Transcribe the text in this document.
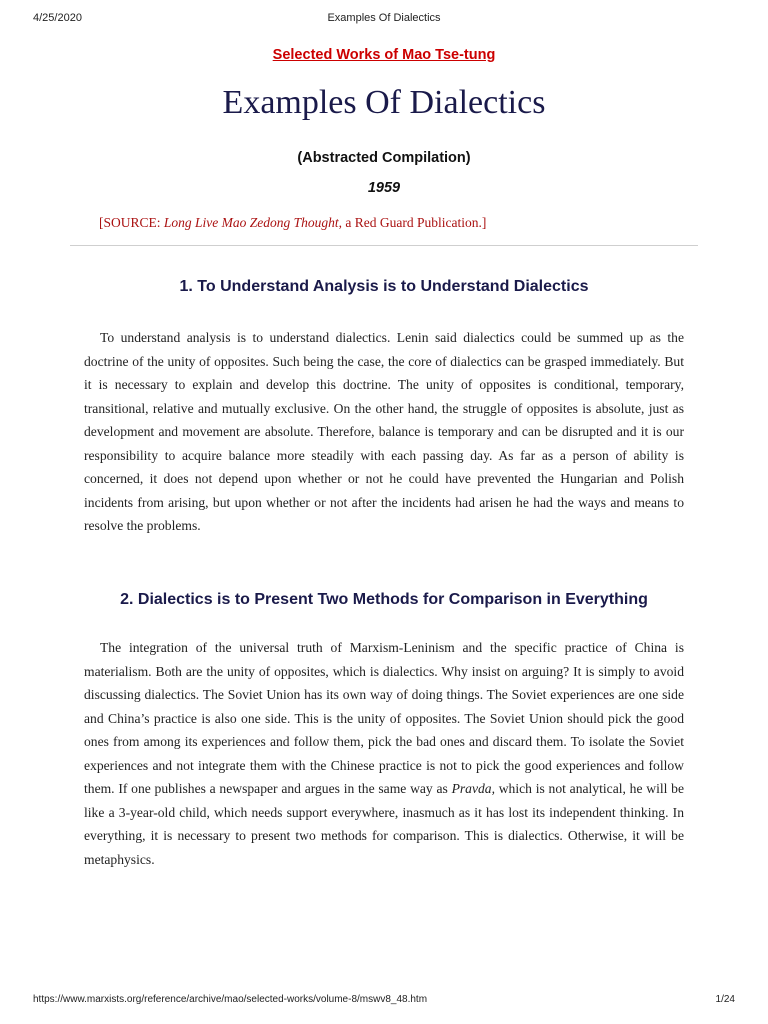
4/25/2020	Examples Of Dialectics
Selected Works of Mao Tse-tung
Examples Of Dialectics
(Abstracted Compilation)
1959
[SOURCE: Long Live Mao Zedong Thought, a Red Guard Publication.]
1. To Understand Analysis is to Understand Dialectics

To understand analysis is to understand dialectics. Lenin said dialectics could be summed up as the doctrine of the unity of opposites. Such being the case, the core of dialectics can be grasped immediately. But it is necessary to explain and develop this doctrine. The unity of opposites is conditional, temporary, transitional, relative and mutually exclusive. On the other hand, the struggle of opposites is absolute, just as development and movement are absolute. Therefore, balance is temporary and can be disrupted and it is our responsibility to acquire balance more steadily with each passing day. As far as a person of ability is concerned, it does not depend upon whether or not he could have prevented the Hungarian and Polish incidents from arising, but upon whether or not after the incidents had arisen he had the ways and means to resolve the problems.

2. Dialectics is to Present Two Methods for Comparison in Everything

The integration of the universal truth of Marxism-Leninism and the specific practice of China is materialism. Both are the unity of opposites, which is dialectics. Why insist on arguing? It is simply to avoid discussing dialectics. The Soviet Union has its own way of doing things. The Soviet experiences are one side and China’s practice is also one side. This is the unity of opposites. The Soviet Union should pick the good ones from among its experiences and follow them, pick the bad ones and discard them. To isolate the Soviet experiences and not integrate them with the Chinese practice is not to pick the good experiences and follow them. If one publishes a newspaper and argues in the same way as Pravda, which is not analytical, he will be like a 3-year-old child, which needs support everywhere, inasmuch as it has lost its independent thinking. In everything, it is necessary to present two methods for comparison. This is dialectics. Otherwise, it will be metaphysics.

https://www.marxists.org/reference/archive/mao/selected-works/volume-8/mswv8_48.htm	1/24
